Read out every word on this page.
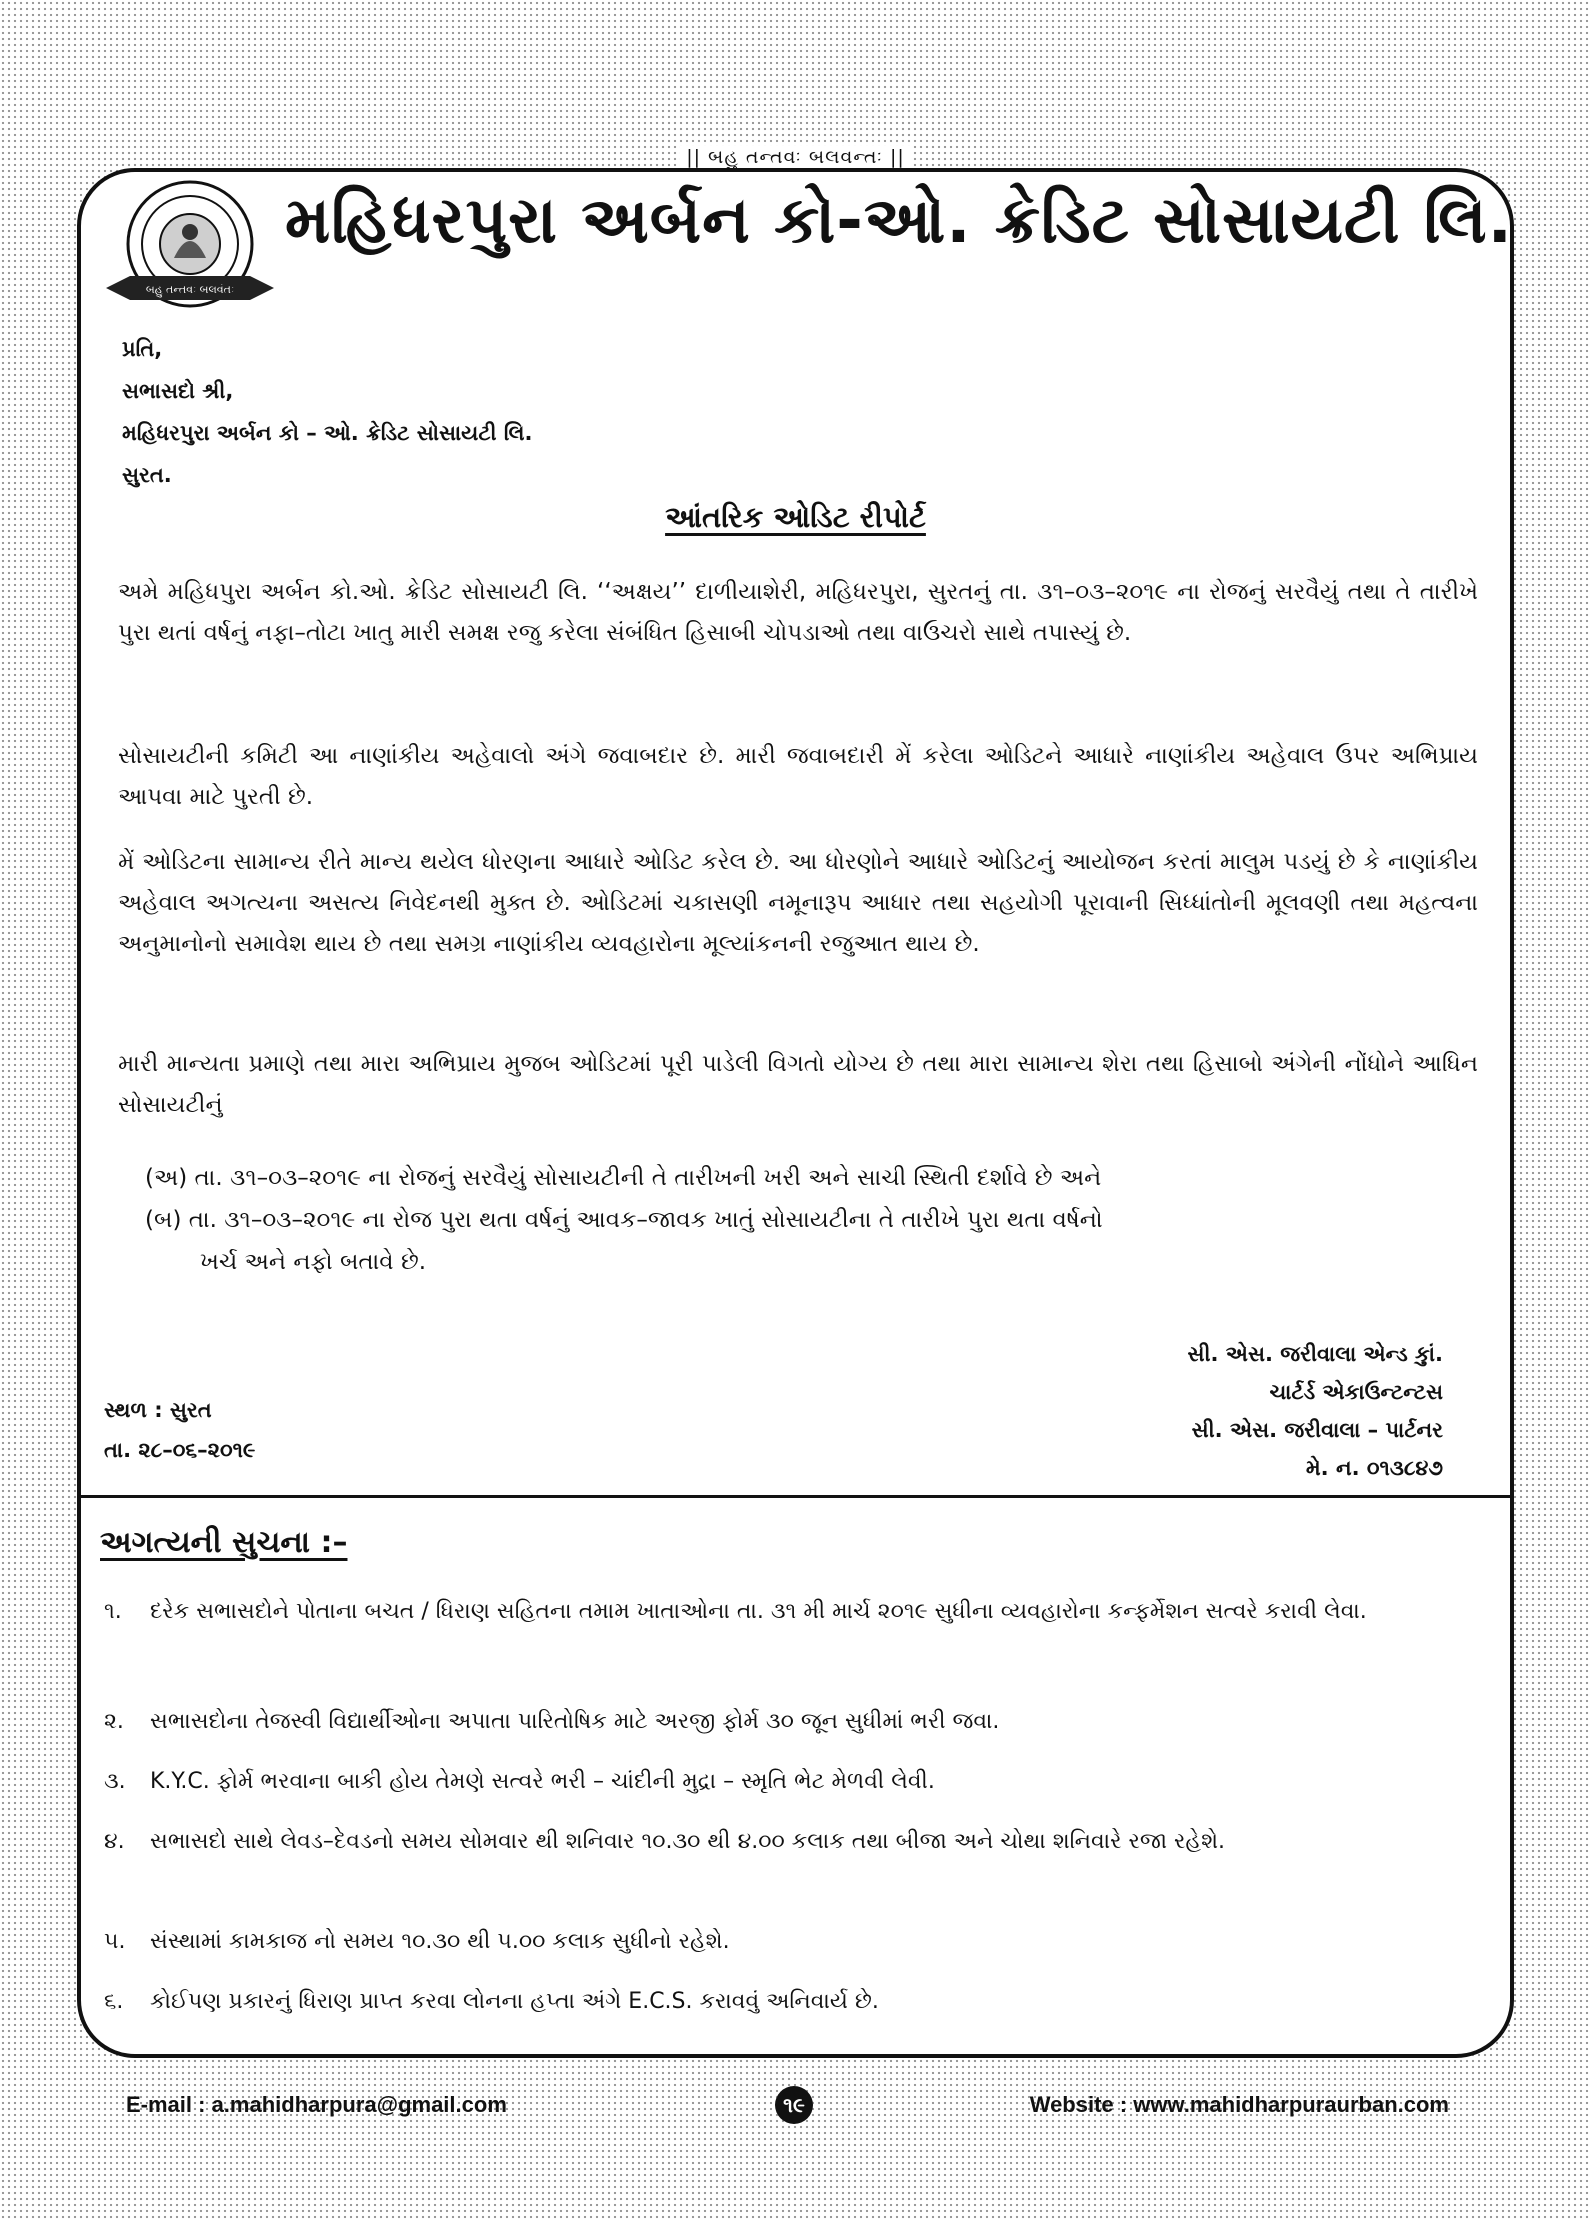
|| બહુ તન્તવઃ બલવન્તઃ ||
બહુ તન્તવઃ બલવંતઃ
મહિધરપુરા અર્બન કો-ઓ. ક્રેડિટ સોસાયટી લિ.
પ્રતિ,
સભાસદો શ્રી,
મહિધરપુરા અર્બન કો – ઓ. ક્રેડિટ સોસાયટી લિ.
સુરત.
આંતરિક ઓડિટ રીપોર્ટ
અમે મહિધપુરા અર્બન કો.ઓ. ક્રેડિટ સોસાયટી લિ. ‘‘અક્ષય’’ દાળીયાશેરી, મહિધરપુરા, સુરતનું તા. ૩૧–૦૩–૨૦૧૯ ના રોજનું સરવૈયું તથા તે તારીખે પુરા થતાં વર્ષનું નફા–તોટા ખાતુ મારી સમક્ષ રજુ કરેલા સંબંધિત હિસાબી ચોપડાઓ તથા વાઉચરો સાથે તપાસ્યું છે.
સોસાયટીની કમિટી આ નાણાંકીય અહેવાલો અંગે જવાબદાર છે. મારી જવાબદારી મેં કરેલા ઓડિટને આધારે નાણાંકીય અહેવાલ ઉપર અભિપ્રાય આપવા માટે પુરતી છે.
મેં ઓડિટના સામાન્ય રીતે માન્ય થયેલ ધોરણના આધારે ઓડિટ કરેલ છે. આ ધોરણોને આધારે ઓડિટનું આયોજન કરતાં માલુમ પડયું છે કે નાણાંકીય અહેવાલ અગત્યના અસત્ય નિવેદનથી મુક્ત છે. ઓડિટમાં ચકાસણી નમૂનારૂપ આધાર તથા સહયોગી પૂરાવાની સિધ્ધાંતોની મૂલવણી તથા મહત્વના અનુમાનોનો સમાવેશ થાય છે તથા સમગ્ર નાણાંકીય વ્યવહારોના મૂલ્યાંકનની રજુઆત થાય છે.
મારી માન્યતા પ્રમાણે તથા મારા અભિપ્રાય મુજબ ઓડિટમાં પૂરી પાડેલી વિગતો યોગ્ય છે તથા મારા સામાન્ય શેરા તથા હિસાબો અંગેની નોંધોને આધિન સોસાયટીનું
(અ) તા. ૩૧–૦૩–૨૦૧૯ ના રોજનું સરવૈયું સોસાયટીની તે તારીખની ખરી અને સાચી સ્થિતી દર્શાવે છે અને
(બ) તા. ૩૧–૦૩–૨૦૧૯ ના રોજ પુરા થતા વર્ષનું આવક–જાવક ખાતું સોસાયટીના તે તારીખે પુરા થતા વર્ષનો
ખર્ચ અને નફો બતાવે છે.
સી. એસ. જરીવાલા એન્ડ કાું.
ચાર્ટર્ડ એકાઉન્ટન્ટસ
સી. એસ. જરીવાલા – પાર્ટનર
મે. ન. ૦૧૩૮૪૭
સ્થળ : સુરત
તા. ૨૮–૦૬–૨૦૧૯
અગત્યની સુચના :–
૧.	દરેક સભાસદોને પોતાના બચત / ધિરાણ સહિતના તમામ ખાતાઓના તા. ૩૧ મી માર્ચ ૨૦૧૯ સુધીના વ્યવહારોના કન્ફર્મેશન સત્વરે કરાવી લેવા.
૨.	સભાસદોના તેજસ્વી વિદ્યાર્થીઓના અપાતા પારિતોષિક માટે અરજી ફોર્મ ૩૦ જૂન સુધીમાં ભરી જવા.
૩.	K.Y.C. ફોર્મ ભરવાના બાકી હોય તેમણે સત્વરે ભરી – ચાંદીની મુદ્રા – સ્મૃતિ ભેટ મેળવી લેવી.
૪.	સભાસદો સાથે લેવડ–દેવડનો સમય સોમવાર થી શનિવાર ૧૦.૩૦ થી ૪.૦૦ કલાક તથા બીજા અને ચોથા શનિવારે રજા રહેશે.
૫.	સંસ્થામાં કામકાજ નો સમય ૧૦.૩૦ થી ૫.૦૦ કલાક સુધીનો રહેશે.
૬.	કોઈપણ પ્રકારનું ધિરાણ પ્રાપ્ત કરવા લોનના હપ્તા અંગે E.C.S. કરાવવું અનિવાર્ય છે.
E-mail : a.mahidharpura@gmail.com	૧૯	Website : www.mahidharpuraurban.com
